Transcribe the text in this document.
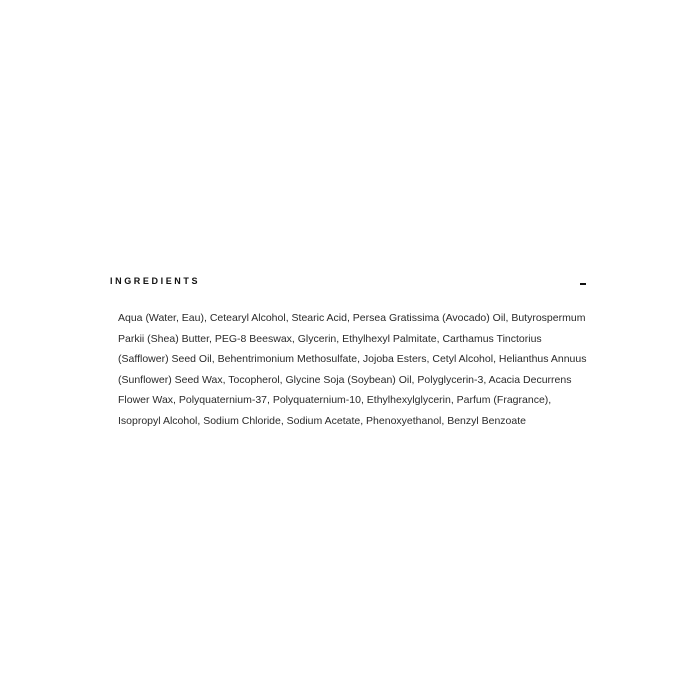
INGREDIENTS

Aqua (Water, Eau), Cetearyl Alcohol, Stearic Acid, Persea Gratissima (Avocado) Oil, Butyrospermum Parkii (Shea) Butter, PEG-8 Beeswax, Glycerin, Ethylhexyl Palmitate, Carthamus Tinctorius (Safflower) Seed Oil, Behentrimonium Methosulfate, Jojoba Esters, Cetyl Alcohol, Helianthus Annuus (Sunflower) Seed Wax, Tocopherol, Glycine Soja (Soybean) Oil, Polyglycerin-3, Acacia Decurrens Flower Wax, Polyquaternium-37, Polyquaternium-10, Ethylhexylglycerin, Parfum (Fragrance), Isopropyl Alcohol, Sodium Chloride, Sodium Acetate, Phenoxyethanol, Benzyl Benzoate
